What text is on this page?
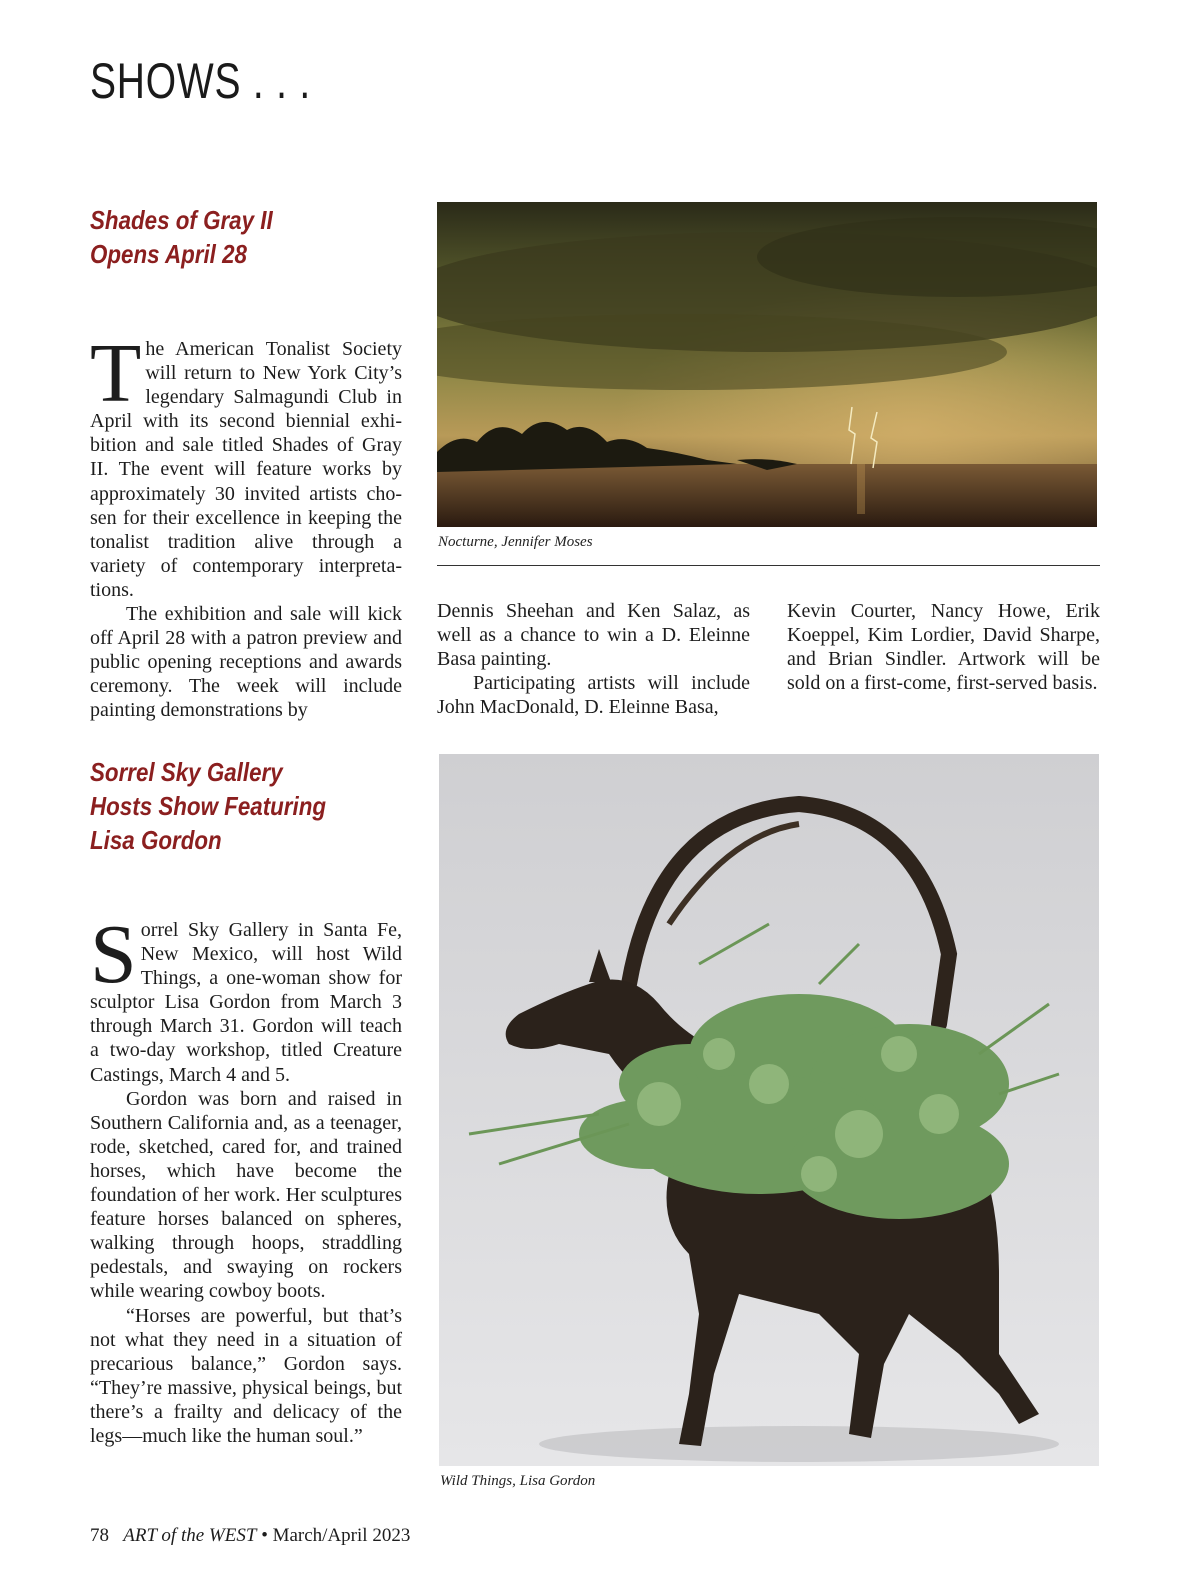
SHOWS . . .
Shades of Gray II
Opens April 28

The American Tonalist Society will return to New York City’s legendary Salmagundi Club in April with its second biennial exhibition and sale titled Shades of Gray II. The event will feature works by approximately 30 invited artists chosen for their excellence in keeping the tonalist tradition alive through a variety of contemporary interpretations.

The exhibition and sale will kick off April 28 with a patron preview and public opening receptions and awards ceremony. The week will include painting demonstrations by

Nocturne, Jennifer Moses

Dennis Sheehan and Ken Salaz, as well as a chance to win a D. Eleinne Basa painting.

Participating artists will include John MacDonald, D. Eleinne Basa,

Kevin Courter, Nancy Howe, Erik Koeppel, Kim Lordier, David Sharpe, and Brian Sindler. Artwork will be sold on a first-come, first-served basis.

Sorrel Sky Gallery
Hosts Show Featuring
Lisa Gordon

Sorrel Sky Gallery in Santa Fe, New Mexico, will host Wild Things, a one-woman show for sculptor Lisa Gordon from March 3 through March 31. Gordon will teach a two-day workshop, titled Creature Castings, March 4 and 5.

Gordon was born and raised in Southern California and, as a teenager, rode, sketched, cared for, and trained horses, which have become the foundation of her work. Her sculptures feature horses balanced on spheres, walking through hoops, straddling pedestals, and swaying on rockers while wearing cowboy boots.

“Horses are powerful, but that’s not what they need in a situation of precarious balance,” Gordon says. “They’re massive, physical beings, but there’s a frailty and delicacy of the legs—much like the human soul.”

Wild Things, Lisa Gordon
78 ART of the WEST • March/April 2023
